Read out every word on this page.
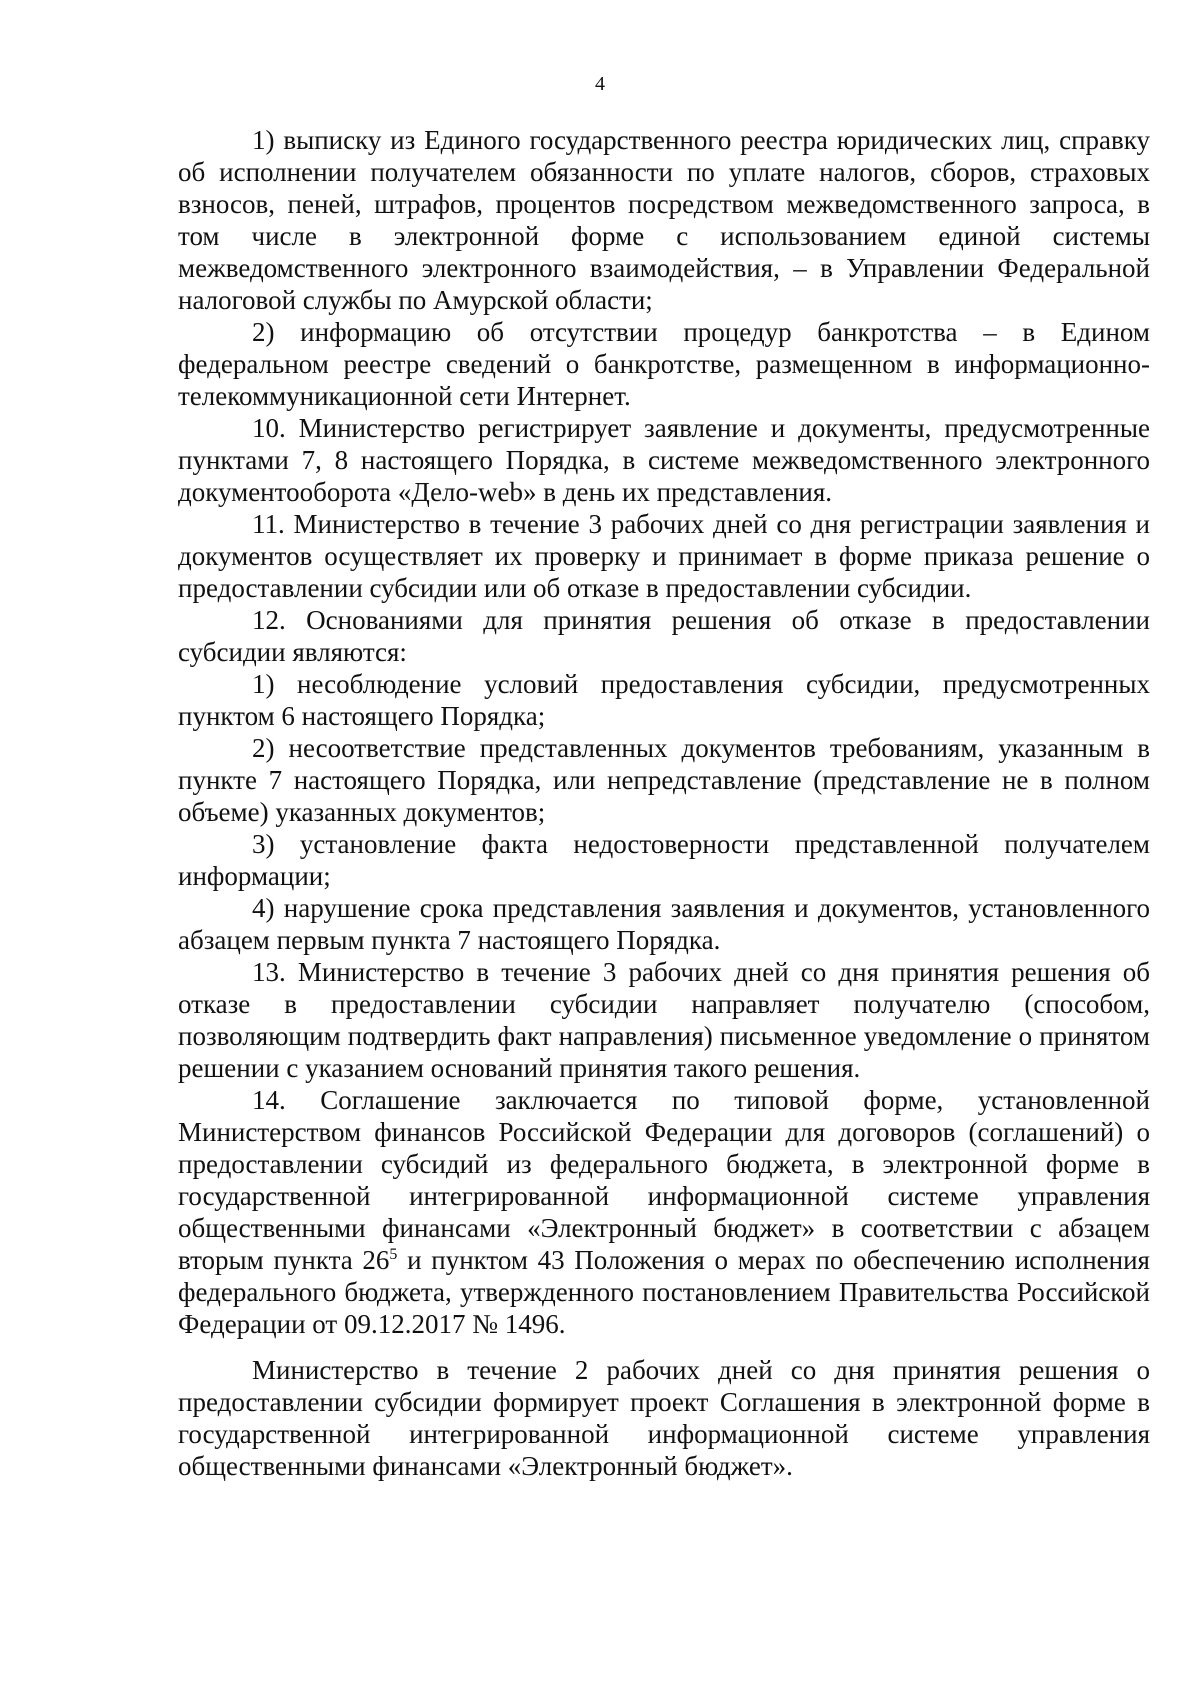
4

1) выписку из Единого государственного реестра юридических лиц, справку об исполнении получателем обязанности по уплате налогов, сборов, страховых взносов, пеней, штрафов, процентов посредством межведомственного запроса, в том числе в электронной форме с использованием единой системы межведомственного электронного взаимодействия, – в Управлении Федеральной налоговой службы по Амурской области;

2) информацию об отсутствии процедур банкротства – в Едином федеральном реестре сведений о банкротстве, размещенном в информационно-телекоммуникационной сети Интернет.

10. Министерство регистрирует заявление и документы, предусмотренные пунктами 7, 8 настоящего Порядка, в системе межведомственного электронного документооборота «Дело-web» в день их представления.

11. Министерство в течение 3 рабочих дней со дня регистрации заявления и документов осуществляет их проверку и принимает в форме приказа решение о предоставлении субсидии или об отказе в предоставлении субсидии.

12. Основаниями для принятия решения об отказе в предоставлении субсидии являются:

1) несоблюдение условий предоставления субсидии, предусмотренных пунктом 6 настоящего Порядка;

2) несоответствие представленных документов требованиям, указанным в пункте 7 настоящего Порядка, или непредставление (представление не в полном объеме) указанных документов;

3) установление факта недостоверности представленной получателем информации;

4) нарушение срока представления заявления и документов, установленного абзацем первым пункта 7 настоящего Порядка.

13. Министерство в течение 3 рабочих дней со дня принятия решения об отказе в предоставлении субсидии направляет получателю (способом, позволяющим подтвердить факт направления) письменное уведомление о принятом решении с указанием оснований принятия такого решения.

14. Соглашение заключается по типовой форме, установленной Министерством финансов Российской Федерации для договоров (соглашений) о предоставлении субсидий из федерального бюджета, в электронной форме в государственной интегрированной информационной системе управления общественными финансами «Электронный бюджет» в соответствии с абзацем вторым пункта $26^5$ и пунктом 43 Положения о мерах по обеспечению исполнения федерального бюджета, утвержденного постановлением Правительства Российской Федерации от 09.12.2017 № 1496.

Министерство в течение 2 рабочих дней со дня принятия решения о предоставлении субсидии формирует проект Соглашения в электронной форме в государственной интегрированной информационной системе управления общественными финансами «Электронный бюджет».
